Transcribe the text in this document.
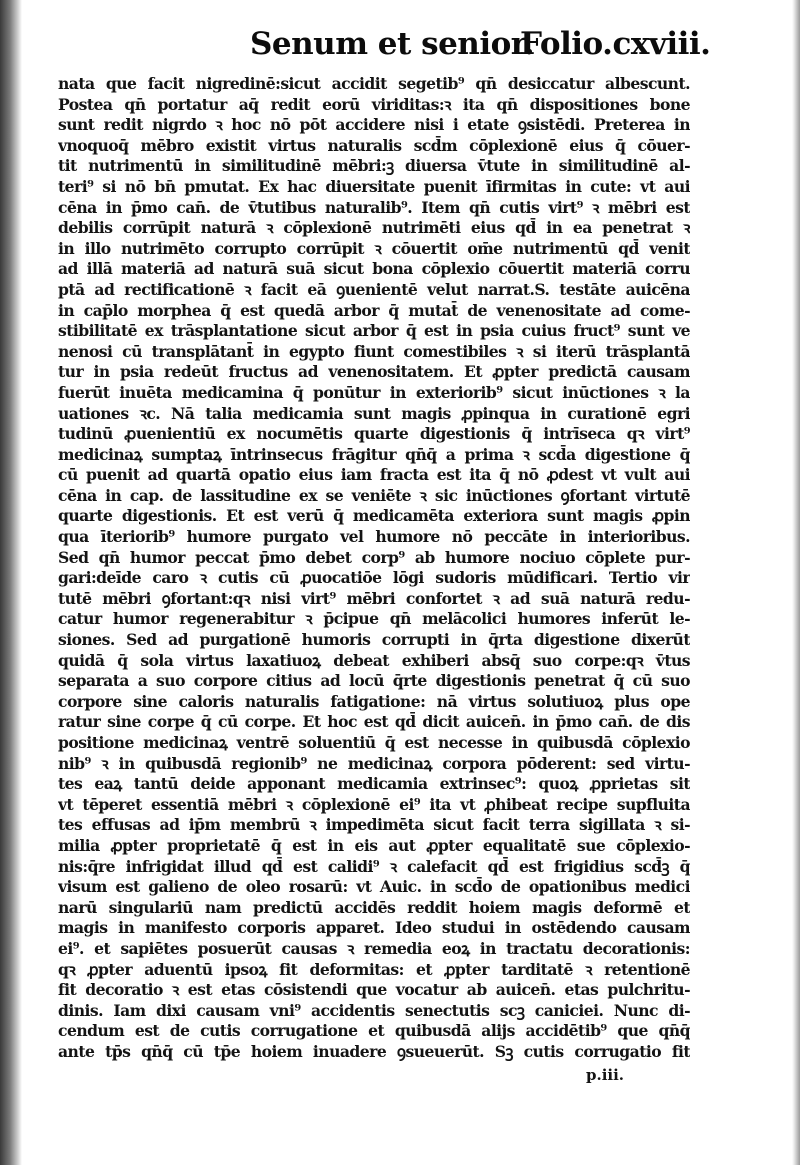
Senum et senior.
Folio.cxviii.
nata que facit nigredinē:sicut accidit segetib⁹ qn̄ desiccatur albescunt.
Postea qn̄ portatur aq̄ redit eorū viriditas:ꝛ ita qn̄ dispositiones bone
sunt redit nigrdo ꝛ hoc nō pōt accidere nisi i etate ꝯsistēdi. Preterea in
vnoquoq̄ mēbro existit virtus naturalis scd̄m cōplexionē eius q̄ cōuer-
tit nutrimentū in similitudinē mēbri:ꝫ diuersa v̄tute in similitudinē al-
teri⁹ si nō bn̄ pmutat. Ex hac diuersitate puenit īfirmitas in cute: vt aui
cēna in p̄mo can̄. de v̄tutibus naturalib⁹. Item qn̄ cutis virt⁹ ꝛ mēbri est
debilis corrūpit naturā ꝛ cōplexionē nutrimēti eius qd̄ in ea penetrat ꝛ
in illo nutrimēto corrupto corrūpit ꝛ cōuertit om̄e nutrimentū qd̄ venit
ad illā materiā ad naturā suā sicut bona cōplexio cōuertit materiā corru
ptā ad rectificationē ꝛ facit eā ꝯuenientē velut narrat.S. testāte auicēna
in cap̄lo morphea q̄ est quedā arbor q̄ mutat̄ de venenositate ad come-
stibilitatē ex trāsplantatione sicut arbor q̄ est in psia cuius fruct⁹ sunt ve
nenosi cū transplātant̄ in egypto fiunt comestibiles ꝛ si iterū trāsplantā
tur in psia redeūt fructus ad venenositatem. Et ꝓpter predictā causam
fuerūt inuēta medicamina q̄ ponūtur in exteriorib⁹ sicut inūctiones ꝛ la
uationes ꝛc. Nā talia medicamia sunt magis ꝓpinqua in curationē egri
tudinū ꝓuenientiū ex nocumētis quarte digestionis q̄ intrīseca qꝛ virt⁹
medicinaꝝ sumptaꝝ īntrinsecus frāgitur qn̄q̄ a prima ꝛ scd̄a digestione q̄
cū puenit ad quartā opatio eius iam fracta est ita q̄ nō ꝓdest vt vult aui
cēna in cap. de lassitudine ex se veniēte ꝛ sic inūctiones ꝯfortant virtutē
quarte digestionis. Et est verū q̄ medicamēta exteriora sunt magis ꝓpin
qua īteriorib⁹ humore purgato vel humore nō peccāte in interioribus.
Sed qn̄ humor peccat p̄mo debet corp⁹ ab humore nociuo cōplete pur-
gari:deīde caro ꝛ cutis cū ꝓuocatiōe lōgi sudoris mūdificari. Tertio vir
tutē mēbri ꝯfortant:qꝛ nisi virt⁹ mēbri confortet ꝛ ad suā naturā redu-
catur humor regenerabitur ꝛ p̄cipue qn̄ melācolici humores inferūt le-
siones. Sed ad purgationē humoris corrupti in q̄rta digestione dixerūt
quidā q̄ sola virtus laxatiuoꝝ debeat exhiberi absq̄ suo corpe:qꝛ v̄tus
separata a suo corpore citius ad locū q̄rte digestionis penetrat q̄ cū suo
corpore sine caloris naturalis fatigatione: nā virtus solutiuoꝝ plus ope
ratur sine corpe q̄ cū corpe. Et hoc est qd̄ dicit auicen̄. in p̄mo can̄. de dis
positione medicinaꝝ ventrē soluentiū q̄ est necesse in quibusdā cōplexio
nib⁹ ꝛ in quibusdā regionib⁹ ne medicinaꝝ corpora pōderent: sed virtu-
tes eaꝝ tantū deide apponant medicamia extrinsec⁹: quoꝝ ꝓprietas sit
vt tēperet essentiā mēbri ꝛ cōplexionē ei⁹ ita vt ꝓhibeat recipe supfluita
tes effusas ad ip̄m membrū ꝛ impedimēta sicut facit terra sigillata ꝛ si-
milia ꝓpter proprietatē q̄ est in eis aut ꝓpter equalitatē sue cōplexio-
nis:q̄re infrigidat illud qd̄ est calidi⁹ ꝛ calefacit qd̄ est frigidius scd̄ꝫ q̄
visum est galieno de oleo rosarū: vt Auic. in scd̄o de opationibus medici
narū singulariū nam predictū accidēs reddit hoiem magis deformē et
magis in manifesto corporis apparet. Ideo studui in ostēdendo causam
ei⁹. et sapiētes posuerūt causas ꝛ remedia eoꝝ in tractatu decorationis:
qꝛ ꝓpter aduentū ipsoꝝ fit deformitas: et ꝓpter tarditatē ꝛ retentionē
fit decoratio ꝛ est etas cōsistendi que vocatur ab auicen̄. etas pulchritu-
dinis. Iam dixi causam vni⁹ accidentis senectutis scꝫ caniciei. Nunc di-
cendum est de cutis corrugatione et quibusdā alijs accidētib⁹ que qn̄q̄
ante tp̄s qn̄q̄ cū tp̄e hoiem inuadere ꝯsueuerūt. Sꝫ cutis corrugatio fit
p.iii.
